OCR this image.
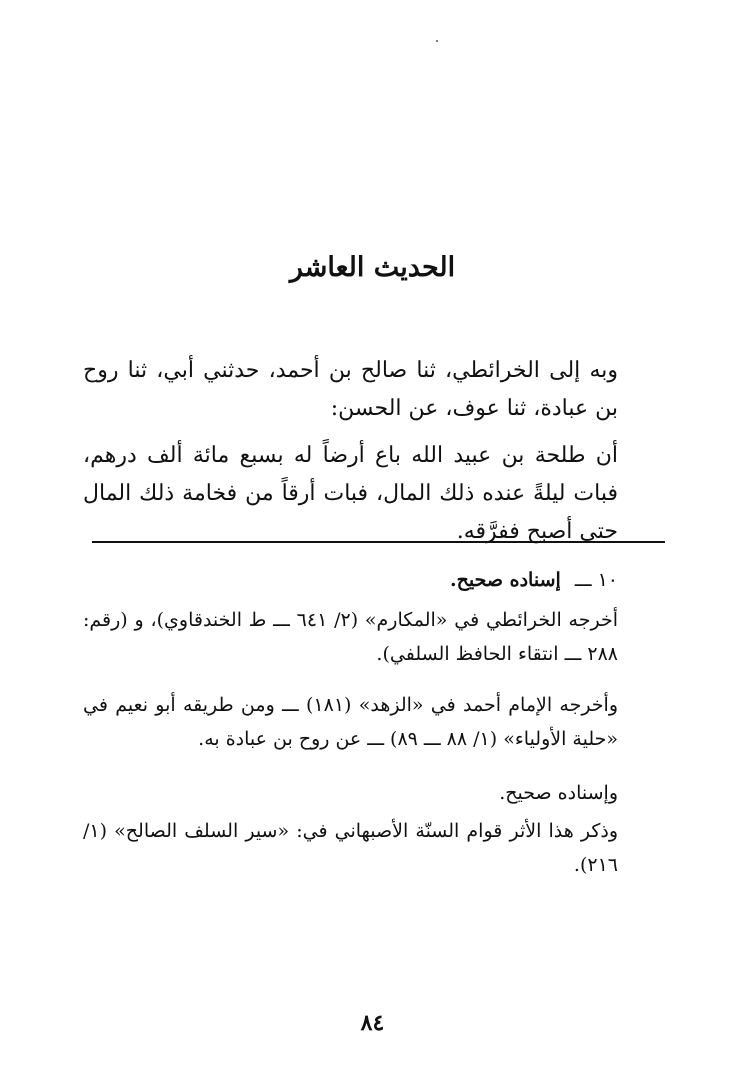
الحديث العاشر
وبه إلى الخرائطي، ثنا صالح بن أحمد، حدثني أبي، ثنا روح بن عبادة، ثنا عوف، عن الحسن:
أن طلحة بن عبيد الله باع أرضاً له بسبع مائة ألف درهم، فبات ليلةً عنده ذلك المال، فبات أرقاً من فخامة ذلك المال حتى أصبح ففرَّقه.
١٠ ـــ إسناده صحيح.
أخرجه الخرائطي في «المكارم» (٢/ ٦٤١ ـــ ط الخندقاوي)، و (رقم: ٢٨٨ ـــ انتقاء الحافظ السلفي).
وأخرجه الإمام أحمد في «الزهد» (١٨١) ـــ ومن طريقه أبو نعيم في «حلية الأولياء» (١/ ٨٨ ـــ ٨٩) ـــ عن روح بن عبادة به.
وإسناده صحيح.
وذكر هذا الأثر قوام السنّة الأصبهاني في: «سير السلف الصالح» (١/ ٢١٦).
٨٤
